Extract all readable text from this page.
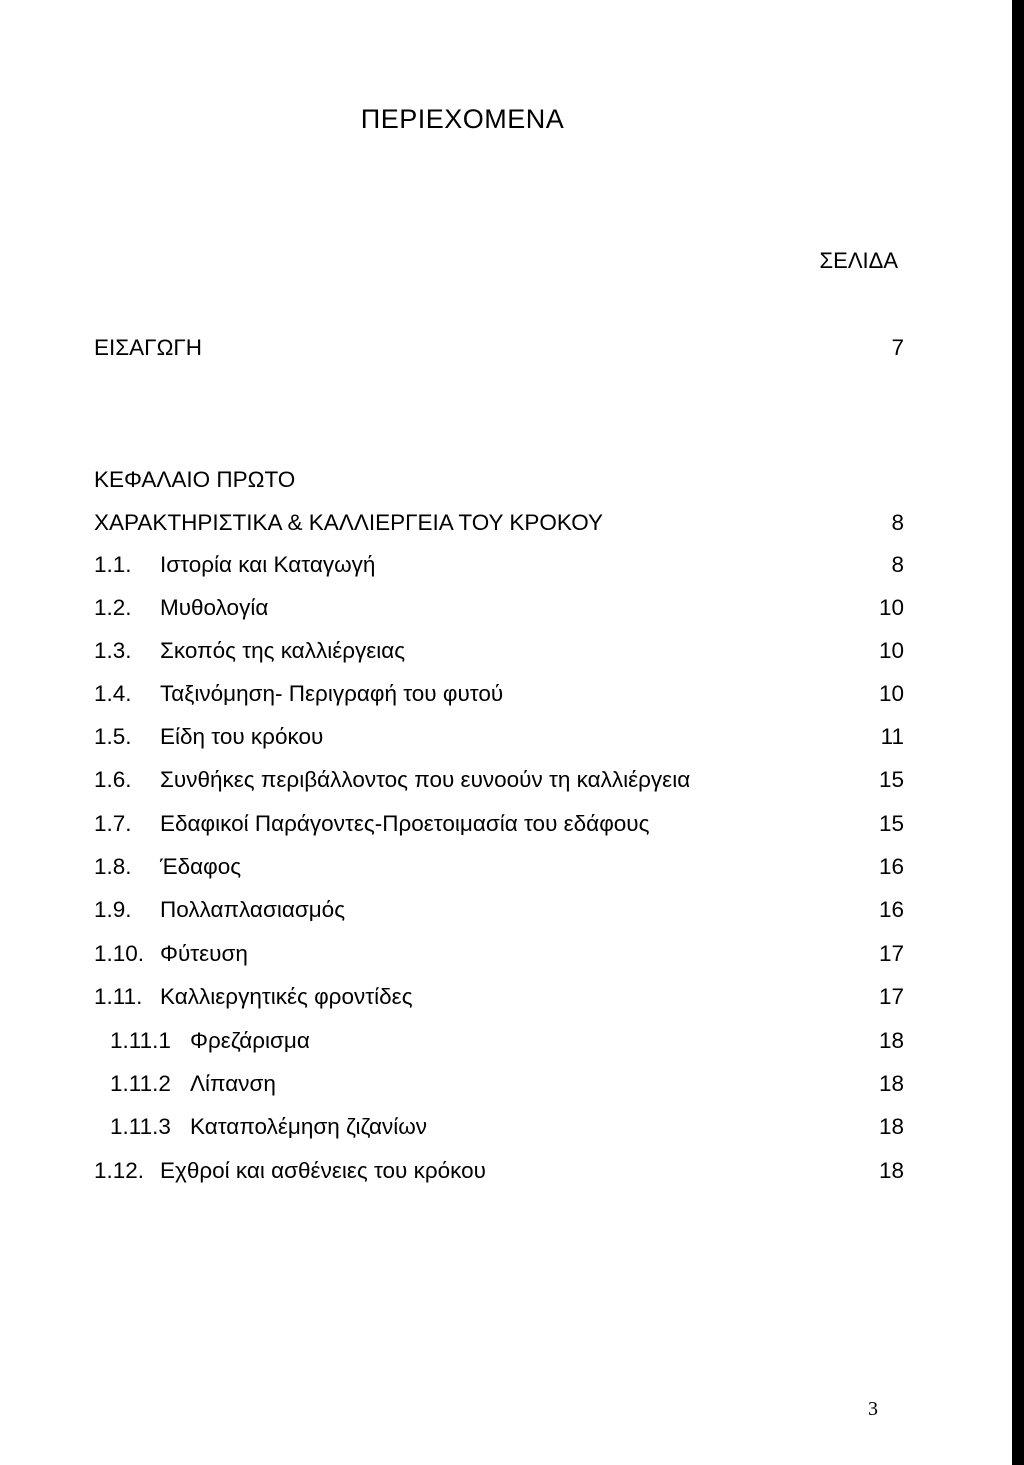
ΠΕΡΙΕΧΟΜΕΝΑ
ΣΕΛΙΔΑ
ΕΙΣΑΓΩΓΗ	7
ΚΕΦΑΛΑΙΟ ΠΡΩΤΟ
ΧΑΡΑΚΤΗΡΙΣΤΙΚΑ & ΚΑΛΛΙΕΡΓΕΙΑ ΤΟΥ ΚΡΟΚΟΥ	8
1.1. Ιστορία και Καταγωγή	8
1.2. Μυθολογία	10
1.3. Σκοπός της καλλιέργειας	10
1.4. Ταξινόμηση- Περιγραφή του φυτού	10
1.5. Είδη του κρόκου	11
1.6. Συνθήκες περιβάλλοντος που ευνοούν τη καλλιέργεια	15
1.7. Εδαφικοί Παράγοντες-Προετοιμασία του εδάφους	15
1.8. Έδαφος	16
1.9. Πολλαπλασιασμός	16
1.10. Φύτευση	17
1.11. Καλλιεργητικές φροντίδες	17
1.11.1 Φρεζάρισμα	18
1.11.2 Λίπανση	18
1.11.3 Καταπολέμηση ζιζανίων	18
1.12. Εχθροί και ασθένειες του κρόκου	18
3
